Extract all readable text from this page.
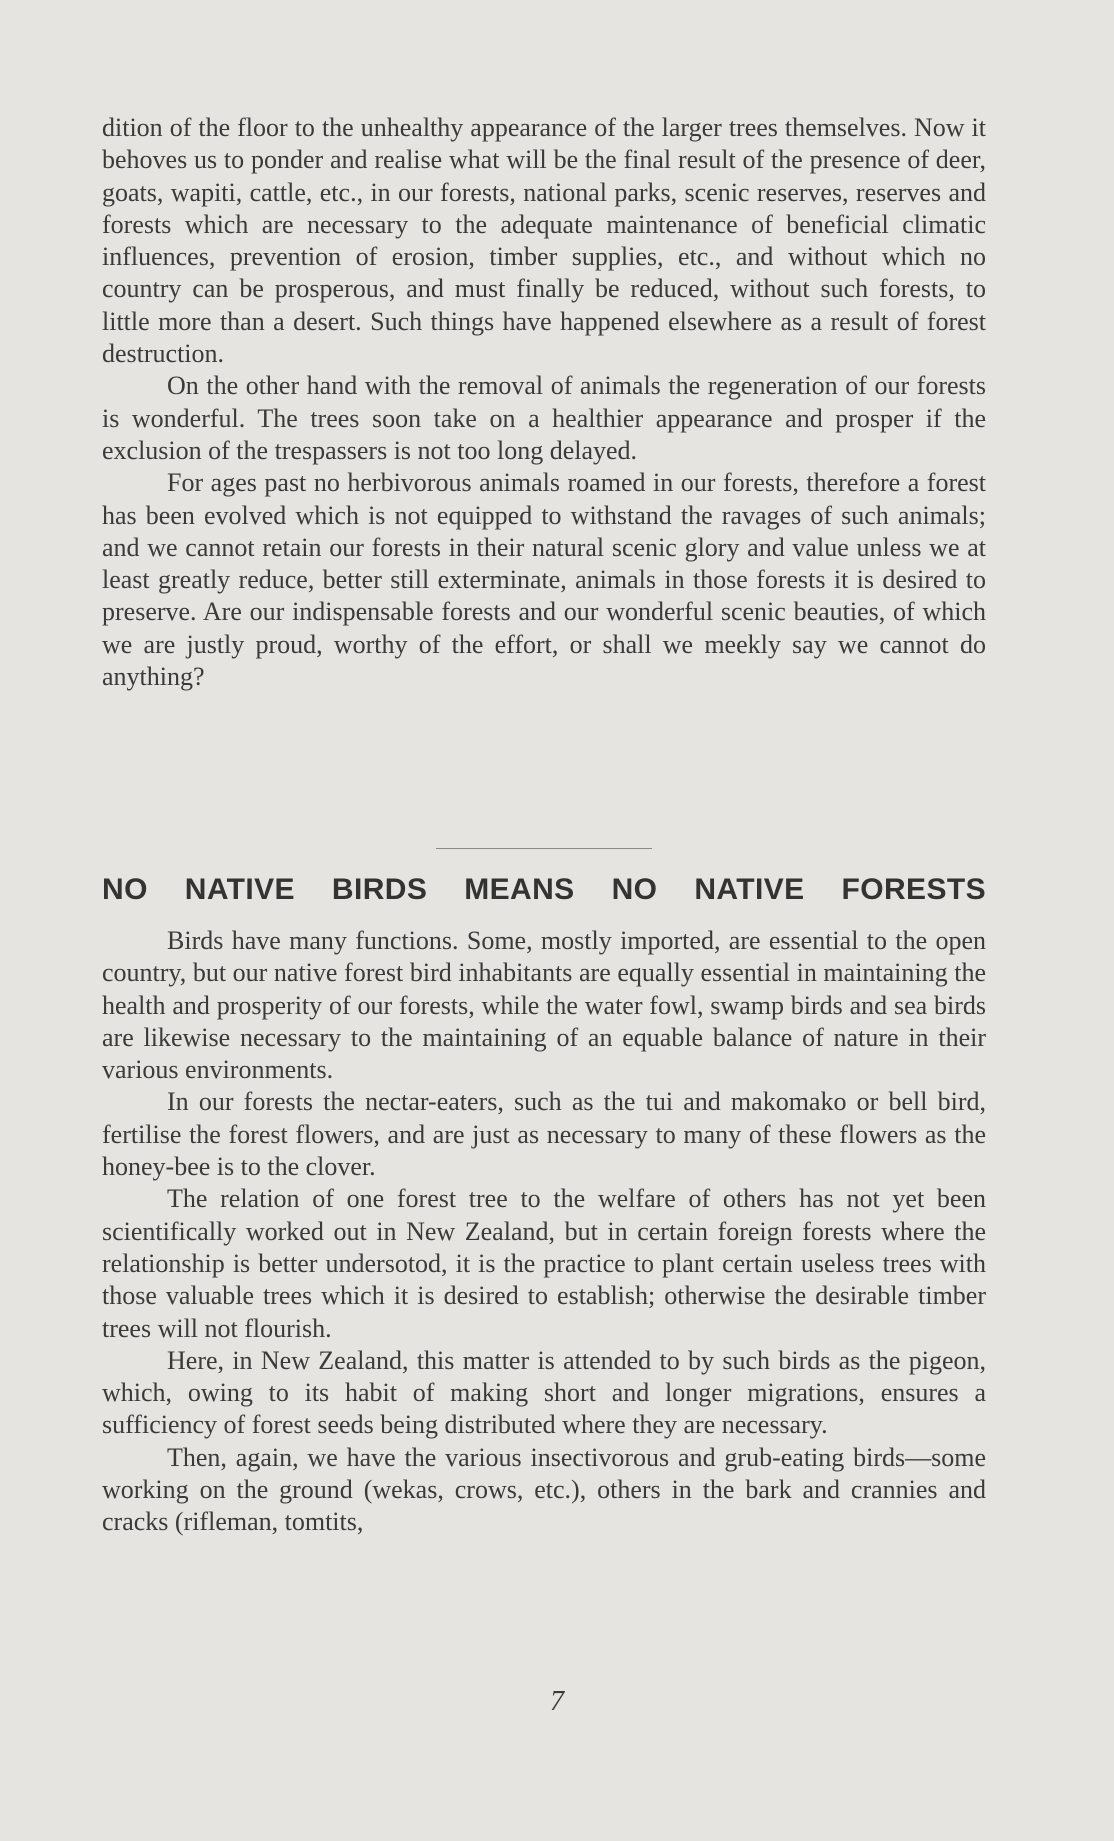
dition of the floor to the unhealthy appearance of the larger trees themselves. Now it behoves us to ponder and realise what will be the final result of the presence of deer, goats, wapiti, cattle, etc., in our forests, national parks, scenic reserves, reserves and forests which are necessary to the adequate maintenance of beneficial climatic influences, prevention of erosion, timber supplies, etc., and without which no country can be prosperous, and must finally be reduced, without such forests, to little more than a desert. Such things have happened elsewhere as a result of forest destruction.

On the other hand with the removal of animals the regeneration of our forests is wonderful. The trees soon take on a healthier appearance and prosper if the exclusion of the trespassers is not too long delayed.

For ages past no herbivorous animals roamed in our forests, therefore a forest has been evolved which is not equipped to withstand the ravages of such animals; and we cannot retain our forests in their natural scenic glory and value unless we at least greatly reduce, better still exterminate, animals in those forests it is desired to preserve. Are our indispensable forests and our wonderful scenic beauties, of which we are justly proud, worthy of the effort, or shall we meekly say we cannot do anything?

NO NATIVE BIRDS MEANS NO NATIVE FORESTS

Birds have many functions. Some, mostly imported, are essential to the open country, but our native forest bird inhabitants are equally essential in maintaining the health and prosperity of our forests, while the water fowl, swamp birds and sea birds are likewise necessary to the maintaining of an equable balance of nature in their various environments.

In our forests the nectar-eaters, such as the tui and makomako or bell bird, fertilise the forest flowers, and are just as necessary to many of these flowers as the honey-bee is to the clover.

The relation of one forest tree to the welfare of others has not yet been scientifically worked out in New Zealand, but in certain foreign forests where the relationship is better undersotod, it is the practice to plant certain useless trees with those valuable trees which it is desired to establish; otherwise the desirable timber trees will not flourish.

Here, in New Zealand, this matter is attended to by such birds as the pigeon, which, owing to its habit of making short and longer migrations, ensures a sufficiency of forest seeds being distributed where they are necessary.

Then, again, we have the various insectivorous and grub-eating birds—some working on the ground (wekas, crows, etc.), others in the bark and crannies and cracks (rifleman, tomtits,

7
